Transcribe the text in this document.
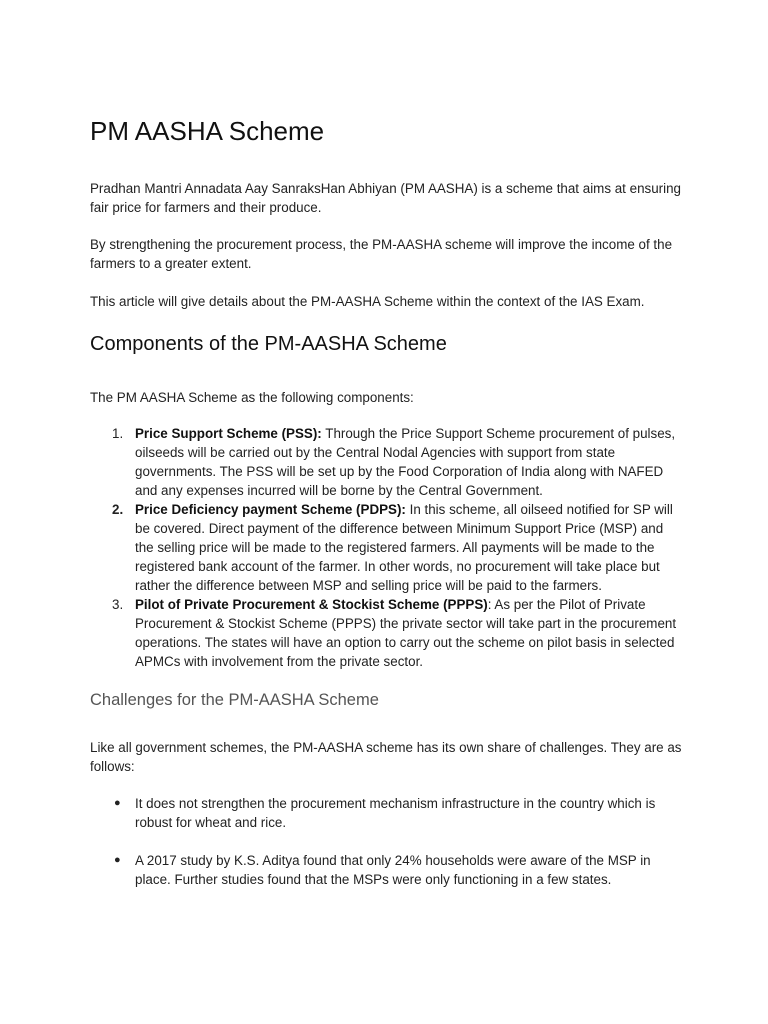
PM AASHA Scheme

Pradhan Mantri Annadata Aay SanraksHan Abhiyan (PM AASHA) is a scheme that aims at ensuring fair price for farmers and their produce.

By strengthening the procurement process, the PM-AASHA scheme will improve the income of the farmers to a greater extent.

This article will give details about the PM-AASHA Scheme within the context of the IAS Exam.

Components of the PM-AASHA Scheme

The PM AASHA Scheme as the following components:

1. Price Support Scheme (PSS): Through the Price Support Scheme procurement of pulses, oilseeds will be carried out by the Central Nodal Agencies with support from state governments. The PSS will be set up by the Food Corporation of India along with NAFED and any expenses incurred will be borne by the Central Government.
2. Price Deficiency payment Scheme (PDPS): In this scheme, all oilseed notified for SP will be covered. Direct payment of the difference between Minimum Support Price (MSP) and the selling price will be made to the registered farmers. All payments will be made to the registered bank account of the farmer. In other words, no procurement will take place but rather the difference between MSP and selling price will be paid to the farmers.
3. Pilot of Private Procurement & Stockist Scheme (PPPS): As per the Pilot of Private Procurement & Stockist Scheme (PPPS) the private sector will take part in the procurement operations. The states will have an option to carry out the scheme on pilot basis in selected APMCs with involvement from the private sector.
Challenges for the PM-AASHA Scheme

Like all government schemes, the PM-AASHA scheme has its own share of challenges. They are as follows:

● It does not strengthen the procurement mechanism infrastructure in the country which is robust for wheat and rice.
● A 2017 study by K.S. Aditya found that only 24% households were aware of the MSP in place. Further studies found that the MSPs were only functioning in a few states.
